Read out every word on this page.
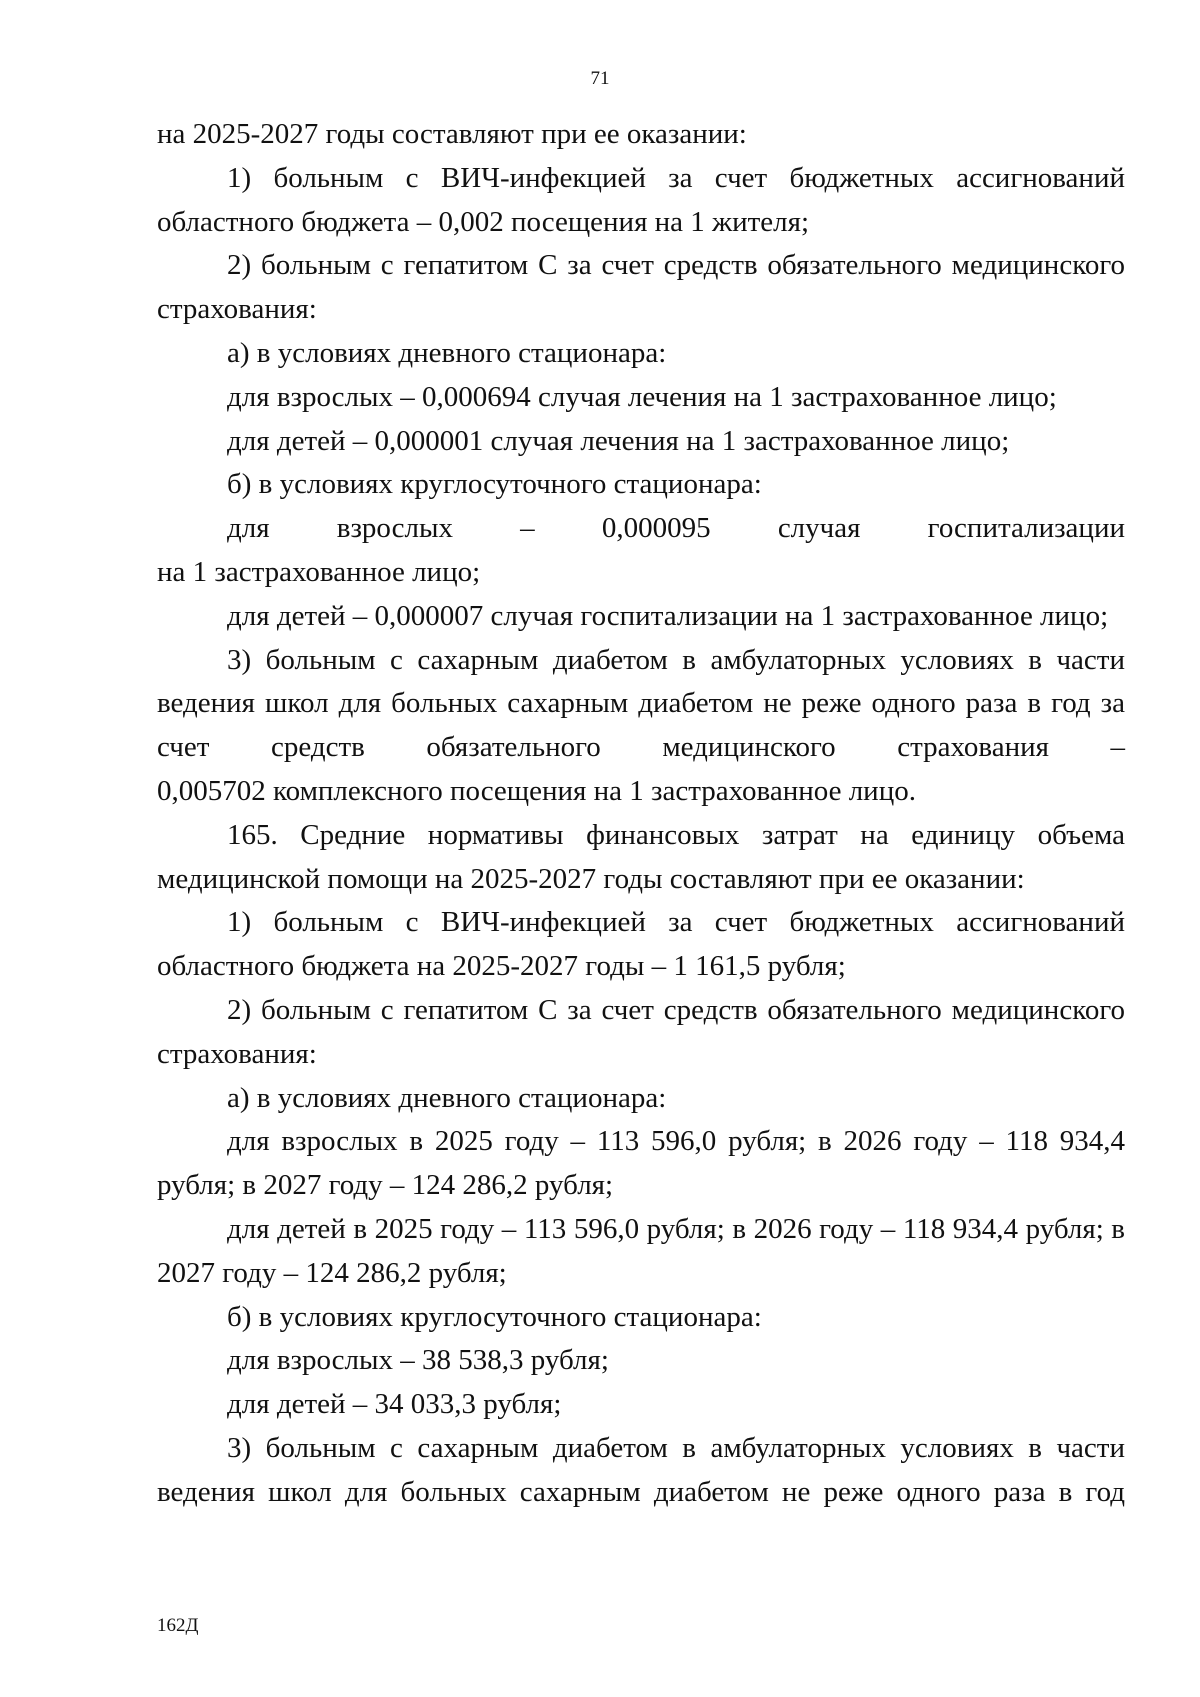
71

на 2025-2027 годы составляют при ее оказании:

1) больным с ВИЧ-инфекцией за счет бюджетных ассигнований областного бюджета – 0,002 посещения на 1 жителя;

2) больным с гепатитом С за счет средств обязательного медицинского страхования:

а) в условиях дневного стационара:

для взрослых – 0,000694 случая лечения на 1 застрахованное лицо;

для детей – 0,000001 случая лечения на 1 застрахованное лицо;

б) в условиях круглосуточного стационара:

для взрослых – 0,000095 случая госпитализации

на 1 застрахованное лицо;

для детей – 0,000007 случая госпитализации на 1 застрахованное лицо;

3) больным с сахарным диабетом в амбулаторных условиях в части ведения школ для больных сахарным диабетом не реже одного раза в год за счет средств обязательного медицинского страхования –

0,005702 комплексного посещения на 1 застрахованное лицо.

165. Средние нормативы финансовых затрат на единицу объема медицинской помощи на 2025-2027 годы составляют при ее оказании:

1) больным с ВИЧ-инфекцией за счет бюджетных ассигнований областного бюджета на 2025-2027 годы – 1 161,5 рубля;

2) больным с гепатитом С за счет средств обязательного медицинского страхования:

а) в условиях дневного стационара:

для взрослых в 2025 году – 113 596,0 рубля; в 2026 году – 118 934,4 рубля; в 2027 году – 124 286,2 рубля;

для детей в 2025 году – 113 596,0 рубля; в 2026 году – 118 934,4 рубля; в 2027 году – 124 286,2 рубля;

б) в условиях круглосуточного стационара:

для взрослых – 38 538,3 рубля;

для детей – 34 033,3 рубля;

3) больным с сахарным диабетом в амбулаторных условиях в части ведения школ для больных сахарным диабетом не реже одного раза в год

162Д
